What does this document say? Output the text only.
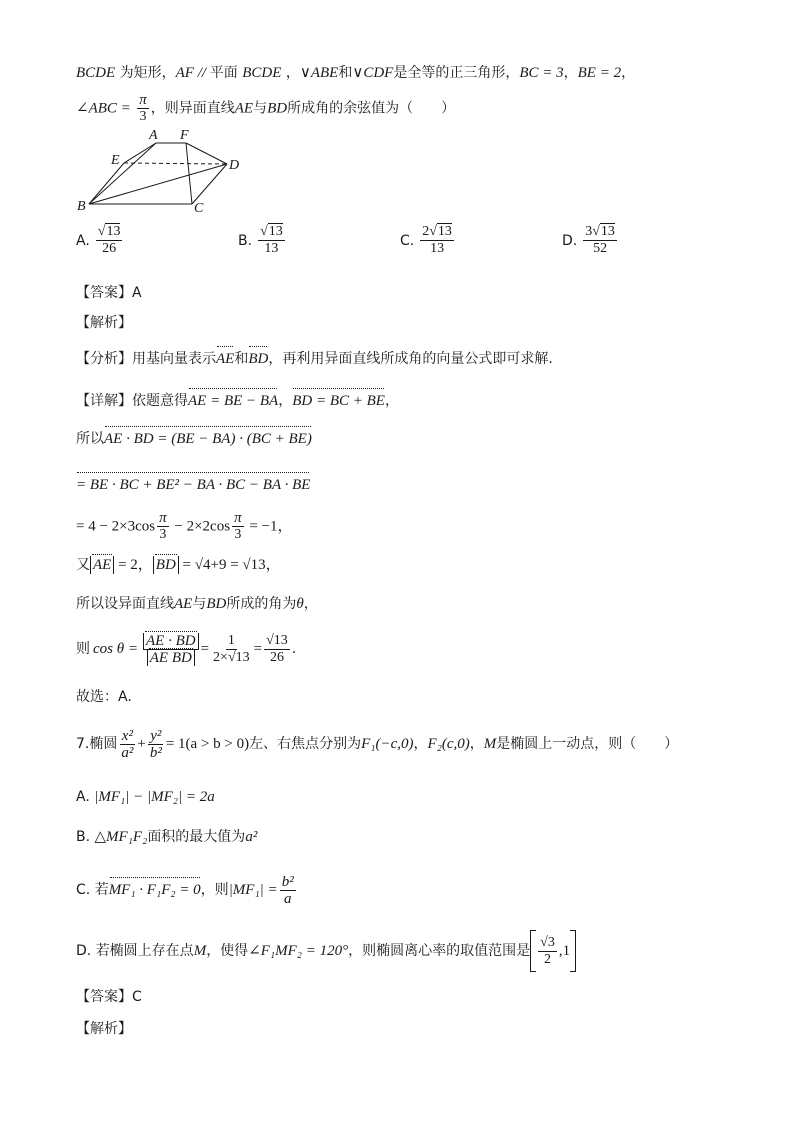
BCDE 为矩形，AF // 平面 BCDE ，∨ABE和∨CDF是全等的正三角形，BC = 3，BE = 2，
∠ABC = $\frac{\pi}{3}$ ，则异面直线AE与BD所成角的余弦值为（　　）
A F
E	D
B	C
A. $\frac{√13}{26}$	B. $\frac{√13}{13}$	C. $\frac{2√13}{13}$	D. $\frac{3√13}{52}$
【答案】A
【解析】
【分析】用基向量表示AE和BD，再利用异面直线所成角的向量公式即可求解.
【详解】依题意得AE = BE − BA，BD = BC + BE，
所以AE · BD = (BE − BA) · (BC + BE)
= BE · BC + BE² − BA · BC − BA · BE
= $4 - 2\times 3\cos \frac{\pi}{3} - 2\times 2\cos \frac{\pi}{3} = -1$，
又 AE = 2， BD = √4+9 = √13，
所以设异面直线AE与BD所成的角为θ，
则 $\cos \theta = \frac{AE \cdot BD}{\text{AE BD}} = \frac{1}{2\times√13} = \frac{√13}{26}$ .
故选：A.
7. 椭圆 $\frac{\text{x²}}{\text{a²}} + \frac{\text{y²}}{\text{b²}} = 1(a > b > 0)$ 左、右焦点分别为 F₁(−c,0) ， F₂(c,0) ， M 是椭圆上一动点，则（　　）
A. |MF₁| − |MF₂| = 2a
B. △MF₁F₂面积的最大值为a²
C.
若 MF₁ · F₁F₂ = 0 ，则 $|MF_1| = \frac{\text{b²}}{a}$
D.
若椭圆上存在点 M ，使得 ∠F₁MF₂ = 120° ，则椭圆离心率的取值范围是 $\frac{√3}{2} ,1$
【答案】C
【解析】
